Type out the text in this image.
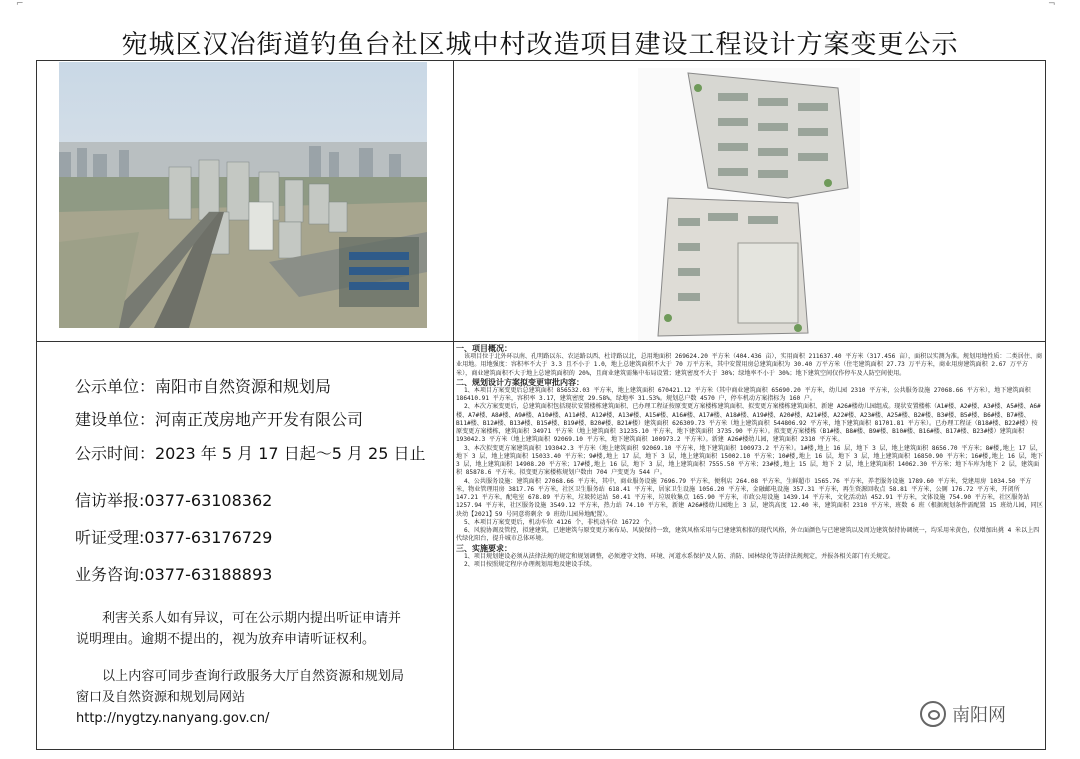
⌐	¬
宛城区汉冶街道钓鱼台社区城中村改造项目建设工程设计方案变更公示
公示单位：南阳市自然资源和规划局
建设单位：河南正茂房地产开发有限公司
公示时间：2023 年 5 月 17 日起～5 月 25 日止
信访举报:0377-63108362
听证受理:0377-63176729
业务咨询:0377-63188893
利害关系人如有异议，可在公示期内提出听证申请并说明理由。逾期不提出的，视为放弃申请听证权利。
以上内容可同步查询行政服务大厅自然资源和规划局窗口及自然资源和规划局网站
http://nygtzy.nanyang.gov.cn/
一、项目概况：
该项目位于北外环以南、孔明路以东、农运路以西、杜诗路以北，总用地面积 269624.20 平方米（404.436 亩），实用面积 211637.40 平方米（317.456 亩），面积以实测为准。规划用地性质：二类居住、商业用地。用地强度：容积率不大于 3.3 且不小于 1.0，地上总建筑面积不大于 70 万平方米，其中安置用房总建筑面积为 30.40 万平方米（住宅建筑面积 27.73 万平方米，商业用房建筑面积 2.67 万平方米），商业建筑面积不大于地上总建筑面积的 20%，且商业建筑需集中布局设置；建筑密度不大于 30%；绿地率不小于 30%；地下建筑空间仅作停车及人防空间使用。
二、规划设计方案拟变更审批内容：
1、本项目方案变更后总建筑面积 856532.03 平方米，地上建筑面积 670421.12 平方米（其中商业建筑面积 65690.20 平方米，幼儿园 2310 平方米，公共服务设施 27068.66 平方米），地下建筑面积 186410.91 平方米，容积率 3.17，建筑密度 29.58%，绿地率 31.53%。规划总户数 4570 户，停车机动方案指标为 160 户。
2、本次方案变更后，总建筑面积包括现状安置楼栋建筑面积、已办理工程证按原变更方案楼栋建筑面积、拟变更方案楼栋建筑面积、新建 A26#楼幼儿园组成。现状安置楼栋（A1#楼、A2#楼、A3#楼、A5#楼、A6#楼、A7#楼、A8#楼、A9#楼、A10#楼、A11#楼、A12#楼、A13#楼、A15#楼、A16#楼、A17#楼、A18#楼、A19#楼、A20#楼、A21#楼、A22#楼、A23#楼、A25#楼、B2#楼、B3#楼、B5#楼、B6#楼、B7#楼、B11#楼、B12#楼、B13#楼、B15#楼、B19#楼、B20#楼、B21#楼）建筑面积 626309.73 平方米（地上建筑面积 544806.92 平方米，地下建筑面积 81701.81 平方米）。已办理工程证（B18#楼、B22#楼）按原变更方案楼栋，建筑面积 34971 平方米（地上建筑面积 31235.10 平方米，地下建筑面积 3735.90 平方米）。拟变更方案楼栋（B1#楼、B8#楼、B9#楼、B10#楼、B16#楼、B17#楼、B23#楼）建筑面积 193042.3 平方米（地上建筑面积 92069.10 平方米，地下建筑面积 100973.2 平方米）。新建 A26#楼幼儿园，建筑面积 2310 平方米。
3、本次拟变更方案建筑面积 193042.3 平方米（地上建筑面积 92069.10 平方米，地下建筑面积 100973.2 平方米）。1#楼,地上 16 层，地下 3 层，地上建筑面积 8656.70 平方米；8#楼,地上 17 层，地下 3 层，地上建筑面积 15033.40 平方米；9#楼,地上 17 层，地下 3 层，地上建筑面积 15002.10 平方米；10#楼,地上 16 层，地下 3 层，地上建筑面积 16850.90 平方米；16#楼,地上 16 层，地下 3 层，地上建筑面积 14908.20 平方米；17#楼,地上 16 层，地下 3 层，地上建筑面积 7555.50 平方米；23#楼,地上 15 层，地下 2 层，地上建筑面积 14062.30 平方米；地下车库为地下 2 层，建筑面积 85878.6 平方米。拟变更方案楼栋规划户数由 704 户变更为 544 户。
4、公共服务设施：建筑面积 27068.66 平方米，其中，商业服务设施 7696.79 平方米，便利店 264.08 平方米，生鲜超市 1565.76 平方米，养老服务设施 1789.60 平方米，党建用房 1034.50 平方米，物业管理用房 3817.76 平方米，社区卫生服务站 618.41 平方米，居家卫生设施 1056.20 平方米，金融邮电设施 357.31 平方米，再生资源回收点 58.81 平方米，公厕 176.72 平方米，开闭所 147.21 平方米，配电室 678.89 平方米，垃圾转运站 50.41 平方米，垃圾收集点 165.90 平方米，市政公用设施 1439.14 平方米，文化活动站 452.91 平方米，文体设施 754.90 平方米，社区服务站 1257.94 平方米，社区服务设施 3549.12 平方米，热力站 74.10 平方米，新建 A26#楼幼儿园地上 3 层，建筑高度 12.40 米，建筑面积 2310 平方米，班数 6 班（根据规划条件需配置 15 班幼儿园，同区块幼【2021】59 号同意将剩余 9 班幼儿园异地配置）。
5、本项目方案变更后，机动车位 4126 个，非机动车位 16722 个。
6、风貌协调及管控，拟建建筑，已建建筑与原变更方案布局、风貌保持一致，建筑风格采用与已建建筑相似的现代风格，外立面颜色与已建建筑以及周边建筑保持协调统一，均采用米黄色，仅增加出挑 4 米以上四代绿化阳台，提升城市总体环境。
三、实施要求：
1、项目规划建设必须从法律法规的规定和规划调整，必须遵守文物、环境、河道水系保护及人防、消防、园林绿化等法律法规规定，并报各相关部门有关规定。
2、项目按照规定程序办理规划用地及建设手续。
南阳网
